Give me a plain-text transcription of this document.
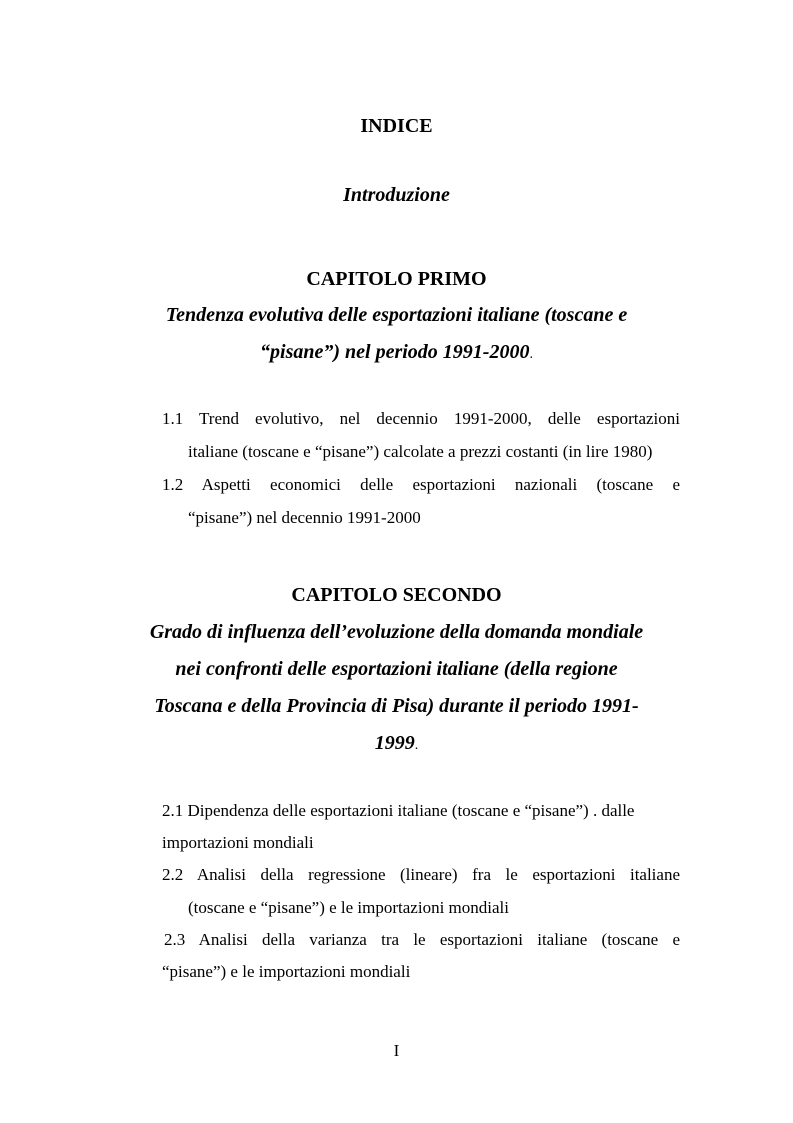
INDICE
Introduzione
CAPITOLO PRIMO
Tendenza evolutiva delle esportazioni italiane (toscane e
“pisane”) nel periodo 1991-2000.
1.1 Trend evolutivo, nel decennio 1991-2000, delle esportazioni
italiane (toscane e “pisane”) calcolate a prezzi costanti (in lire 1980)
1.2 Aspetti economici delle esportazioni nazionali (toscane e
“pisane”) nel decennio 1991-2000
CAPITOLO SECONDO
Grado di influenza dell’evoluzione della domanda mondiale
nei confronti delle esportazioni italiane (della regione
Toscana e della Provincia di Pisa) durante il periodo 1991-
1999.
2.1 Dipendenza delle esportazioni italiane (toscane e “pisane”) . dalle
importazioni mondiali
2.2 Analisi della regressione (lineare) fra le esportazioni italiane
(toscane e “pisane”) e le importazioni mondiali
2.3 Analisi della varianza tra le esportazioni italiane (toscane e
“pisane”) e le importazioni mondiali
I
